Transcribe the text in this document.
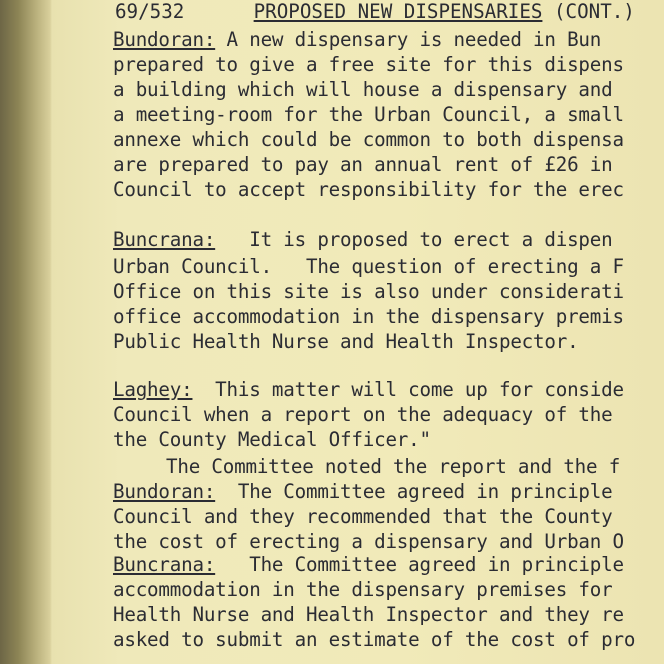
69/532	PROPOSED NEW DISPENSARIES (CONT.)
Bundoran: A new dispensary is needed in Bun
prepared to give a free site for this dispens
a building which will house a dispensary and
a meeting-room for the Urban Council, a small
annexe which could be common to both dispensa
are prepared to pay an annual rent of £26 in
Council to accept responsibility for the erec
Buncrana:   It is proposed to erect a dispen
Urban Council.   The question of erecting a F
Office on this site is also under considerati
office accommodation in the dispensary premis
Public Health Nurse and Health Inspector.
Laghey:  This matter will come up for conside
Council when a report on the adequacy of the
the County Medical Officer."
The Committee noted the report and the f
Bundoran:  The Committee agreed in principle
Council and they recommended that the County
the cost of erecting a dispensary and Urban O
Buncrana:   The Committee agreed in principle
accommodation in the dispensary premises for
Health Nurse and Health Inspector and they re
asked to submit an estimate of the cost of pro
